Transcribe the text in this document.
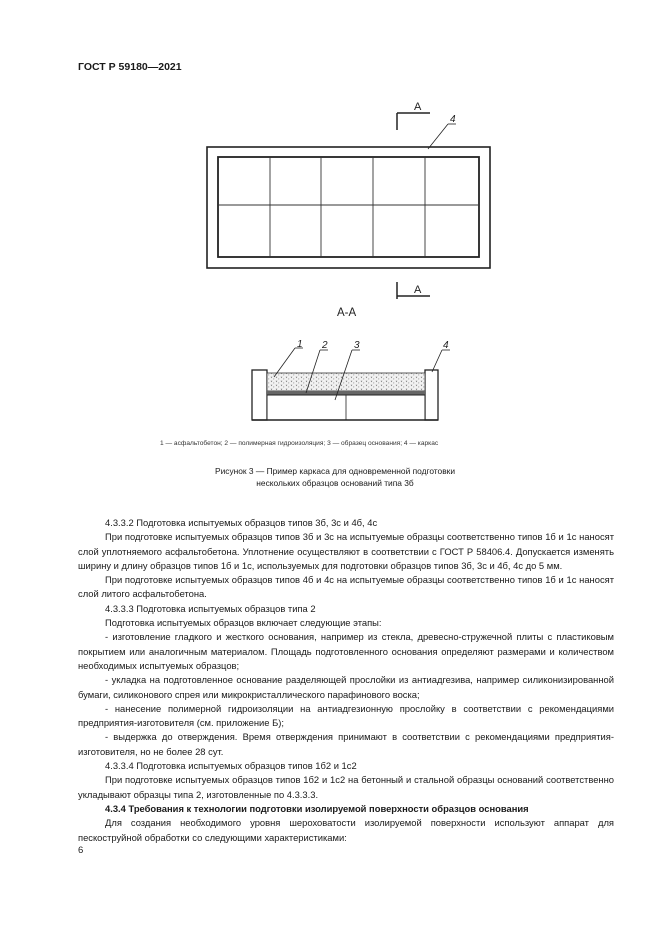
ГОСТ Р 59180—2021
А
А
4
А-А
1 2	3	4
1 — асфальтобетон; 2 — полимерная гидроизоляция; 3 — образец основания; 4 — каркас
Рисунок 3 — Пример каркаса для одновременной подготовки
нескольких образцов оснований типа 3б

4.3.3.2 Подготовка испытуемых образцов типов 3б, 3с и 4б, 4с

При подготовке испытуемых образцов типов 3б и 3с на испытуемые образцы соответственно типов 1б и 1с наносят слой уплотняемого асфальтобетона. Уплотнение осуществляют в соответствии с ГОСТ Р 58406.4. Допускается изменять ширину и длину образцов типов 1б и 1с, используемых для подготовки образцов типов 3б, 3с и 4б, 4с до 5 мм.

При подготовке испытуемых образцов типов 4б и 4с на испытуемые образцы соответственно типов 1б и 1с наносят слой литого асфальтобетона.

4.3.3.3 Подготовка испытуемых образцов типа 2

Подготовка испытуемых образцов включает следующие этапы:

- изготовление гладкого и жесткого основания, например из стекла, древесно-стружечной плиты с пластиковым покрытием или аналогичным материалом. Площадь подготовленного основания определяют размерами и количеством необходимых испытуемых образцов;

- укладка на подготовленное основание разделяющей прослойки из антиадгезива, например силиконизированной бумаги, силиконового спрея или микрокристаллического парафинового воска;

- нанесение полимерной гидроизоляции на антиадгезионную прослойку в соответствии с рекомендациями предприятия-изготовителя (см. приложение Б);

- выдержка до отверждения. Время отверждения принимают в соответствии с рекомендациями предприятия-изготовителя, но не более 28 сут.

4.3.3.4 Подготовка испытуемых образцов типов 1б2 и 1с2

При подготовке испытуемых образцов типов 1б2 и 1с2 на бетонный и стальной образцы оснований соответственно укладывают образцы типа 2, изготовленные по 4.3.3.3.

4.3.4 Требования к технологии подготовки изолируемой поверхности образцов основания

Для создания необходимого уровня шероховатости изолируемой поверхности используют аппарат для пескоструйной обработки со следующими характеристиками:

6
